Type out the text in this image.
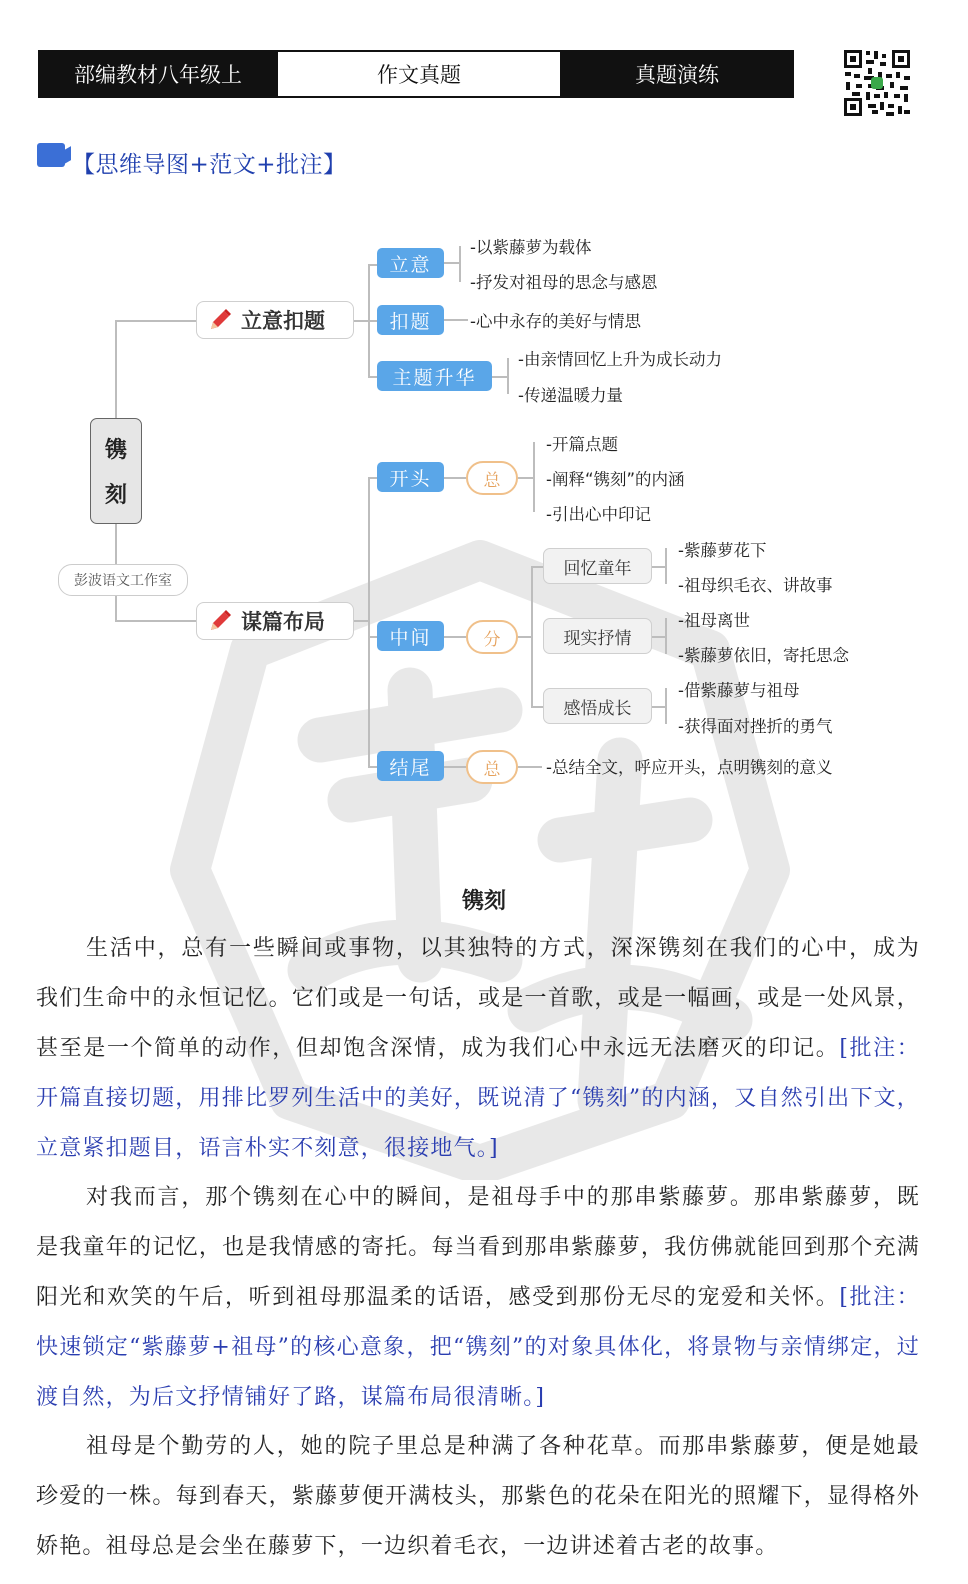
部编教材八年级上	作文真题	真题演练
【思维导图+范文+批注】
镌
刻
彭波语文工作室
立意扣题
立意
扣题
主题升华
-以紫藤萝为载体
-抒发对祖母的思念与感恩
-心中永存的美好与情思
-由亲情回忆上升为成长动力
-传递温暖力量
谋篇布局
开头
中间
结尾
总
分
总
-开篇点题
-阐释“镌刻”的内涵
-引出心中印记
回忆童年
现实抒情
感悟成长
-紫藤萝花下
-祖母织毛衣、讲故事
-祖母离世
-紫藤萝依旧，寄托思念
-借紫藤萝与祖母
-获得面对挫折的勇气
-总结全文，呼应开头，点明镌刻的意义
镌刻
生活中，总有一些瞬间或事物，以其独特的方式，深深镌刻在我们的心中，成为我们生命中的永恒记忆。它们或是一句话，或是一首歌，或是一幅画，或是一处风景，甚至是一个简单的动作，但却饱含深情，成为我们心中永远无法磨灭的印记。[批注：开篇直接切题，用排比罗列生活中的美好，既说清了“镌刻”的内涵，又自然引出下文，立意紧扣题目，语言朴实不刻意，很接地气。]
对我而言，那个镌刻在心中的瞬间，是祖母手中的那串紫藤萝。那串紫藤萝，既是我童年的记忆，也是我情感的寄托。每当看到那串紫藤萝，我仿佛就能回到那个充满阳光和欢笑的午后，听到祖母那温柔的话语，感受到那份无尽的宠爱和关怀。[批注：快速锁定“紫藤萝+祖母”的核心意象，把“镌刻”的对象具体化，将景物与亲情绑定，过渡自然，为后文抒情铺好了路，谋篇布局很清晰。]
祖母是个勤劳的人，她的院子里总是种满了各种花草。而那串紫藤萝，便是她最珍爱的一株。每到春天，紫藤萝便开满枝头，那紫色的花朵在阳光的照耀下，显得格外娇艳。祖母总是会坐在藤萝下，一边织着毛衣，一边讲述着古老的故事。
